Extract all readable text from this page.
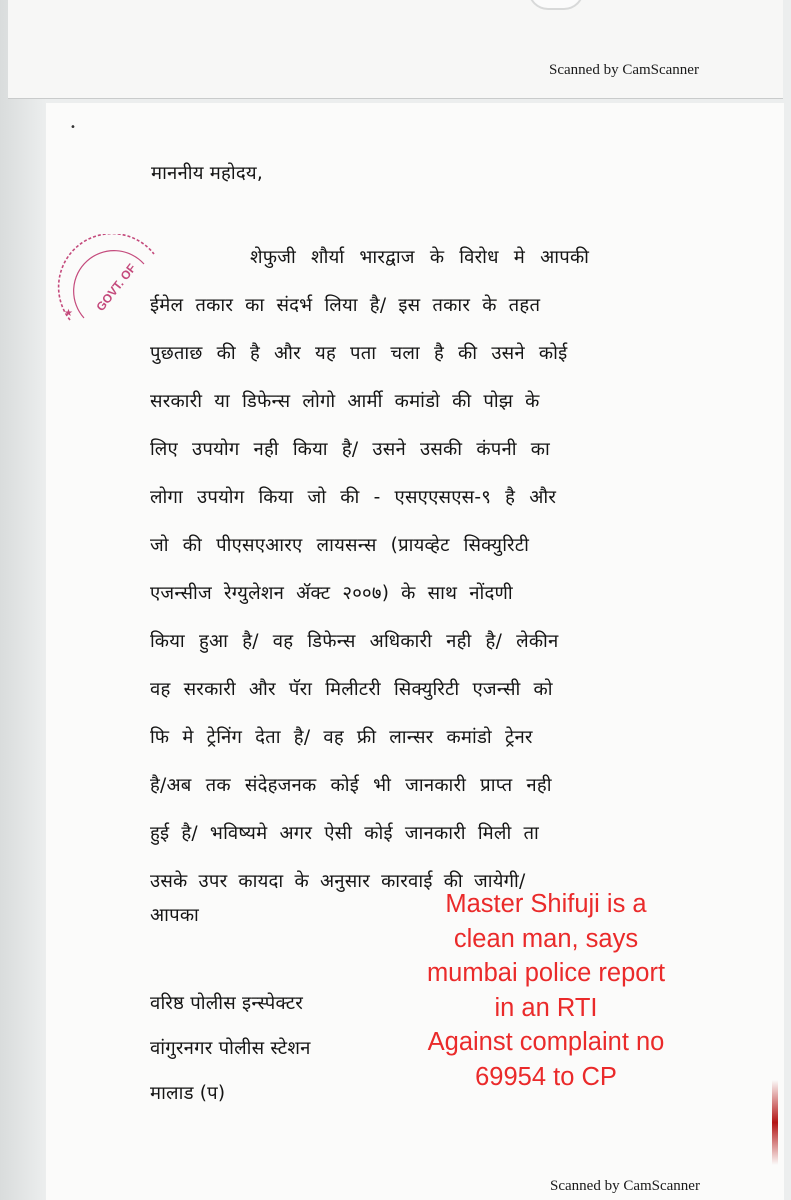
Scanned by CamScanner
•
★ GOVT. OF
माननीय महोदय,
शेफुजी शौर्या भारद्वाज के विरोध मे आपकी
ईमेल तकार का संदर्भ लिया है/ इस तकार के तहत
पुछताछ की है और यह पता चला है की उसने कोई
सरकारी या डिफेन्स लोगो आर्मी कमांडो की पोझ के
लिए उपयोग नही किया है/ उसने उसकी कंपनी का
लोगा उपयोग किया जो की - एसएएसएस-९ है और
जो की पीएसएआरए लायसन्स (प्रायव्हेट सिक्युरिटी
एजन्सीज रेग्युलेशन ॲक्ट २००७) के साथ नोंदणी
किया हुआ है/ वह डिफेन्स अधिकारी नही है/ लेकीन
वह सरकारी और पॅरा मिलीटरी सिक्युरिटी एजन्सी को
फि मे ट्रेनिंग देता है/ वह फ्री लान्सर कमांडो ट्रेनर
है/अब तक संदेहजनक कोई भी जानकारी प्राप्त नही
हुई है/ भविष्यमे अगर ऐसी कोई जानकारी मिली ता
उसके उपर कायदा के अनुसार कारवाई की जायेगी/
आपका
वरिष्ठ पोलीस इन्स्पेक्टर
वांगुरनगर पोलीस स्टेशन
मालाड (प)
Master Shifuji is a
clean man, says
mumbai police report
in an RTI
Against complaint no
69954 to CP
Scanned by CamScanner
